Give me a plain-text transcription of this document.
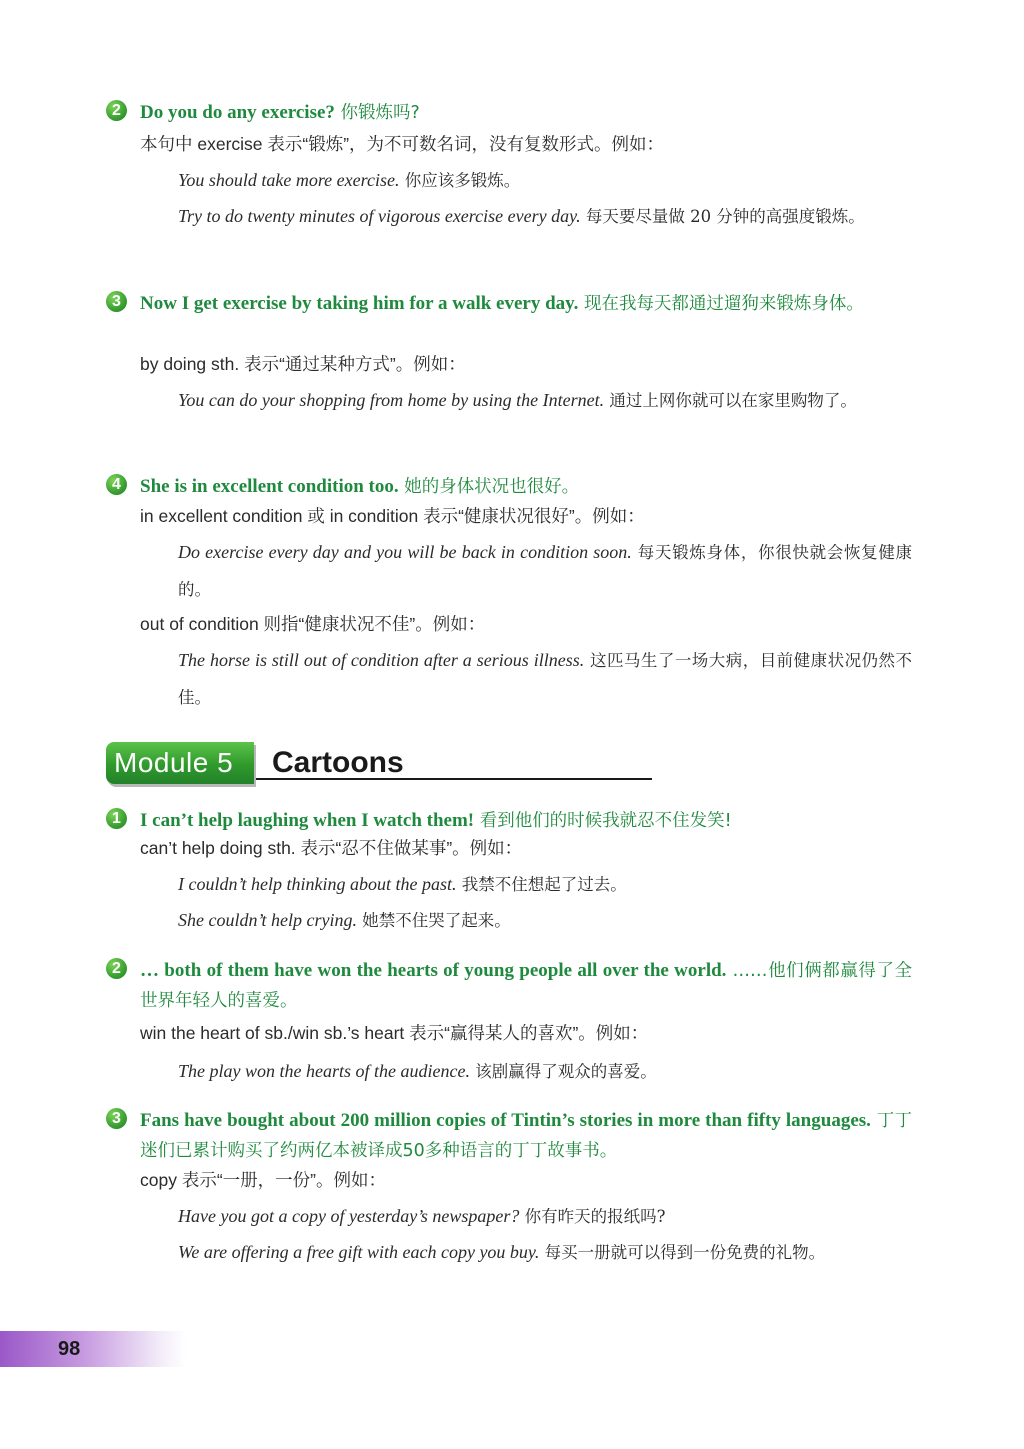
2	Do you do any exercise? 你锻炼吗?
本句中 exercise 表示“锻炼”，为不可数名词，没有复数形式。例如：
You should take more exercise. 你应该多锻炼。
Try to do twenty minutes of vigorous exercise every day. 每天要尽量做 20 分钟的高强度锻炼。
3	Now I get exercise by taking him for a walk every day. 现在我每天都通过遛狗来锻炼身体。
by doing sth. 表示“通过某种方式”。例如：
You can do your shopping from home by using the Internet. 通过上网你就可以在家里购物了。
4	She is in excellent condition too. 她的身体状况也很好。
in excellent condition 或 in condition 表示“健康状况很好”。例如：
Do exercise every day and you will be back in condition soon. 每天锻炼身体，你很快就会恢复健康的。
out of condition 则指“健康状况不佳”。例如：
The horse is still out of condition after a serious illness. 这匹马生了一场大病，目前健康状况仍然不佳。
Module 5	Cartoons
1	I can’t help laughing when I watch them! 看到他们的时候我就忍不住发笑!
can’t help doing sth. 表示“忍不住做某事”。例如：
I couldn’t help thinking about the past. 我禁不住想起了过去。
She couldn’t help crying. 她禁不住哭了起来。
2	… both of them have won the hearts of young people all over the world. ……他们俩都赢得了全世界年轻人的喜爱。
win the heart of sb./win sb.’s heart 表示“赢得某人的喜欢”。例如：
The play won the hearts of the audience. 该剧赢得了观众的喜爱。
3	Fans have bought about 200 million copies of Tintin’s stories in more than fifty languages. 丁丁迷们已累计购买了约两亿本被译成50多种语言的丁丁故事书。
copy 表示“一册，一份”。例如：
Have you got a copy of yesterday’s newspaper? 你有昨天的报纸吗?
We are offering a free gift with each copy you buy. 每买一册就可以得到一份免费的礼物。
98
